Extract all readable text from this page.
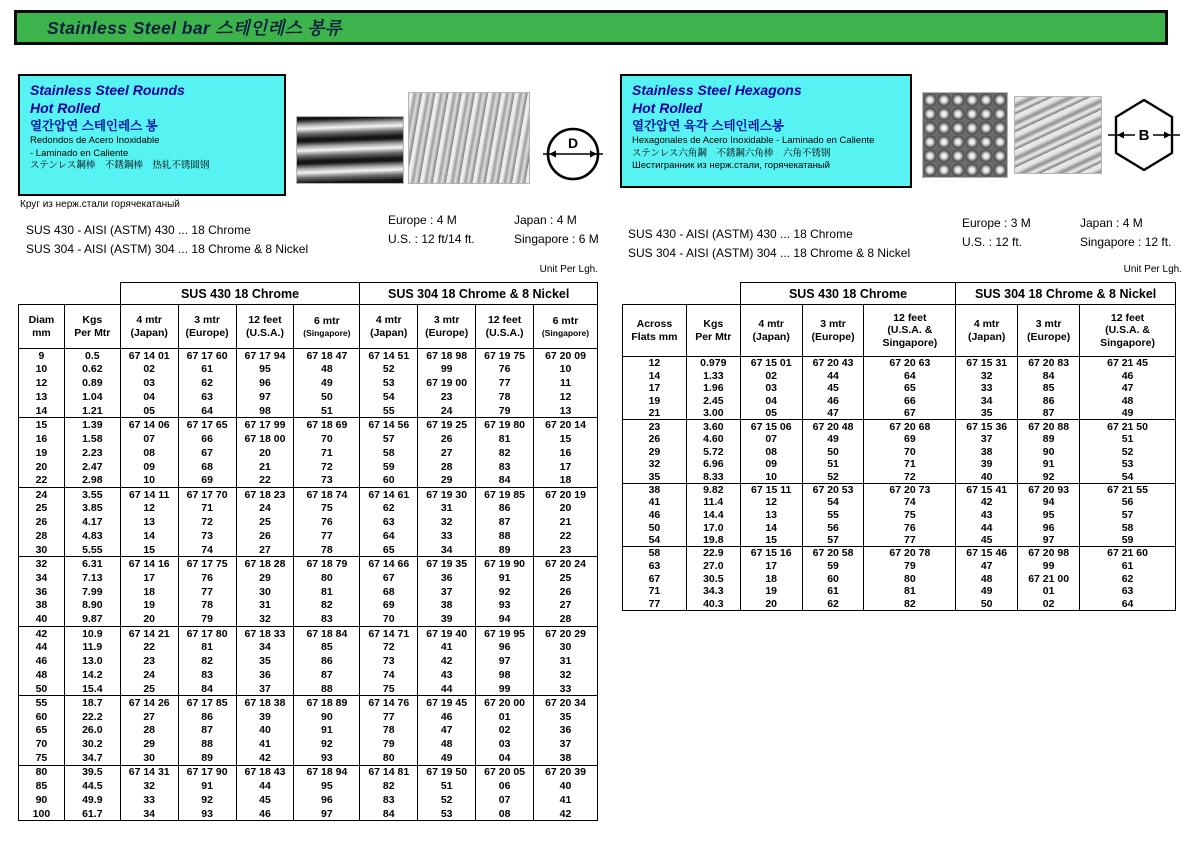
Stainless Steel bar 스테인레스 봉류
Stainless Steel Rounds
Hot Rolled
열간압연 스테인레스 봉
Redondos de Acero Inoxidable
- Laminado en Caliente
ステンレス鋼棒　不銹鋼棒　热轧不锈圆钢
Круг из нерж.стали горячекатаный
D
SUS 430 - AISI (ASTM) 430 ... 18 Chrome
SUS 304 - AISI (ASTM) 304 ... 18 Chrome & 8 Nickel
Europe : 4 M	Japan : 4 M
U.S. : 12 ft/14 ft.	Singapore : 6 M
Unit Per Lgh.
		SUS 430 18 Chrome				SUS 304 18 Chrome & 8 Nickel			

Diam
mm

Kgs
Per Mtr

4 mtr
(Japan)

3 mtr
(Europe)

12 feet
(U.S.A.)

6 mtr
(Singapore)

4 mtr
(Japan)

3 mtr
(Europe)

12 feet
(U.S.A.)

6 mtr
(Singapore)

9	0.5	67 14 01	67 17 60	67 17 94	67 18 47	67 14 51	67 18 98	67 19 75	67 20 09
10	0.62	02	61	95	48	52	99	76	10
12	0.89	03	62	96	49	53	67 19 00	77	11
13	1.04	04	63	97	50	54	23	78	12
14	1.21	05	64	98	51	55	24	79	13
15	1.39	67 14 06	67 17 65	67 17 99	67 18 69	67 14 56	67 19 25	67 19 80	67 20 14
16	1.58	07	66	67 18 00	70	57	26	81	15
19	2.23	08	67	20	71	58	27	82	16
20	2.47	09	68	21	72	59	28	83	17
22	2.98	10	69	22	73	60	29	84	18
24	3.55	67 14 11	67 17 70	67 18 23	67 18 74	67 14 61	67 19 30	67 19 85	67 20 19
25	3.85	12	71	24	75	62	31	86	20
26	4.17	13	72	25	76	63	32	87	21
28	4.83	14	73	26	77	64	33	88	22
30	5.55	15	74	27	78	65	34	89	23
32	6.31	67 14 16	67 17 75	67 18 28	67 18 79	67 14 66	67 19 35	67 19 90	67 20 24
34	7.13	17	76	29	80	67	36	91	25
36	7.99	18	77	30	81	68	37	92	26
38	8.90	19	78	31	82	69	38	93	27
40	9.87	20	79	32	83	70	39	94	28
42	10.9	67 14 21	67 17 80	67 18 33	67 18 84	67 14 71	67 19 40	67 19 95	67 20 29
44	11.9	22	81	34	85	72	41	96	30
46	13.0	23	82	35	86	73	42	97	31
48	14.2	24	83	36	87	74	43	98	32
50	15.4	25	84	37	88	75	44	99	33
55	18.7	67 14 26	67 17 85	67 18 38	67 18 89	67 14 76	67 19 45	67 20 00	67 20 34
60	22.2	27	86	39	90	77	46	01	35
65	26.0	28	87	40	91	78	47	02	36
70	30.2	29	88	41	92	79	48	03	37
75	34.7	30	89	42	93	80	49	04	38
80	39.5	67 14 31	67 17 90	67 18 43	67 18 94	67 14 81	67 19 50	67 20 05	67 20 39
85	44.5	32	91	44	95	82	51	06	40
90	49.9	33	92	45	96	83	52	07	41
100	61.7	34	93	46	97	84	53	08	42
Stainless Steel Hexagons
Hot Rolled
열간압연 육각 스테인레스봉
Hexagonales de Acero Inoxidable - Laminado en Caliente
ステンレス六角鋼　不銹鋼六角棒　六角不锈钢
Шестигранник из нерж.стали, горячекатаный
B
SUS 430 - AISI (ASTM) 430 ... 18 Chrome
SUS 304 - AISI (ASTM) 304 ... 18 Chrome & 8 Nickel
Europe : 3 M	Japan : 4 M
U.S. : 12 ft.	Singapore : 12 ft.
Unit Per Lgh.
		SUS 430 18 Chrome			SUS 304 18 Chrome & 8 Nickel		

Across
Flats mm

Kgs
Per Mtr

4 mtr
(Japan)

3 mtr
(Europe)

12 feet
(U.S.A. &
Singapore)

4 mtr
(Japan)

3 mtr
(Europe)

12 feet
(U.S.A. &
Singapore)

12	0.979	67 15 01	67 20 43	67 20 63	67 15 31	67 20 83	67 21 45
14	1.33	02	44	64	32	84	46
17	1.96	03	45	65	33	85	47
19	2.45	04	46	66	34	86	48
21	3.00	05	47	67	35	87	49
23	3.60	67 15 06	67 20 48	67 20 68	67 15 36	67 20 88	67 21 50
26	4.60	07	49	69	37	89	51
29	5.72	08	50	70	38	90	52
32	6.96	09	51	71	39	91	53
35	8.33	10	52	72	40	92	54
38	9.82	67 15 11	67 20 53	67 20 73	67 15 41	67 20 93	67 21 55
41	11.4	12	54	74	42	94	56
46	14.4	13	55	75	43	95	57
50	17.0	14	56	76	44	96	58
54	19.8	15	57	77	45	97	59
58	22.9	67 15 16	67 20 58	67 20 78	67 15 46	67 20 98	67 21 60
63	27.0	17	59	79	47	99	61
67	30.5	18	60	80	48	67 21 00	62
71	34.3	19	61	81	49	01	63
77	40.3	20	62	82	50	02	64
